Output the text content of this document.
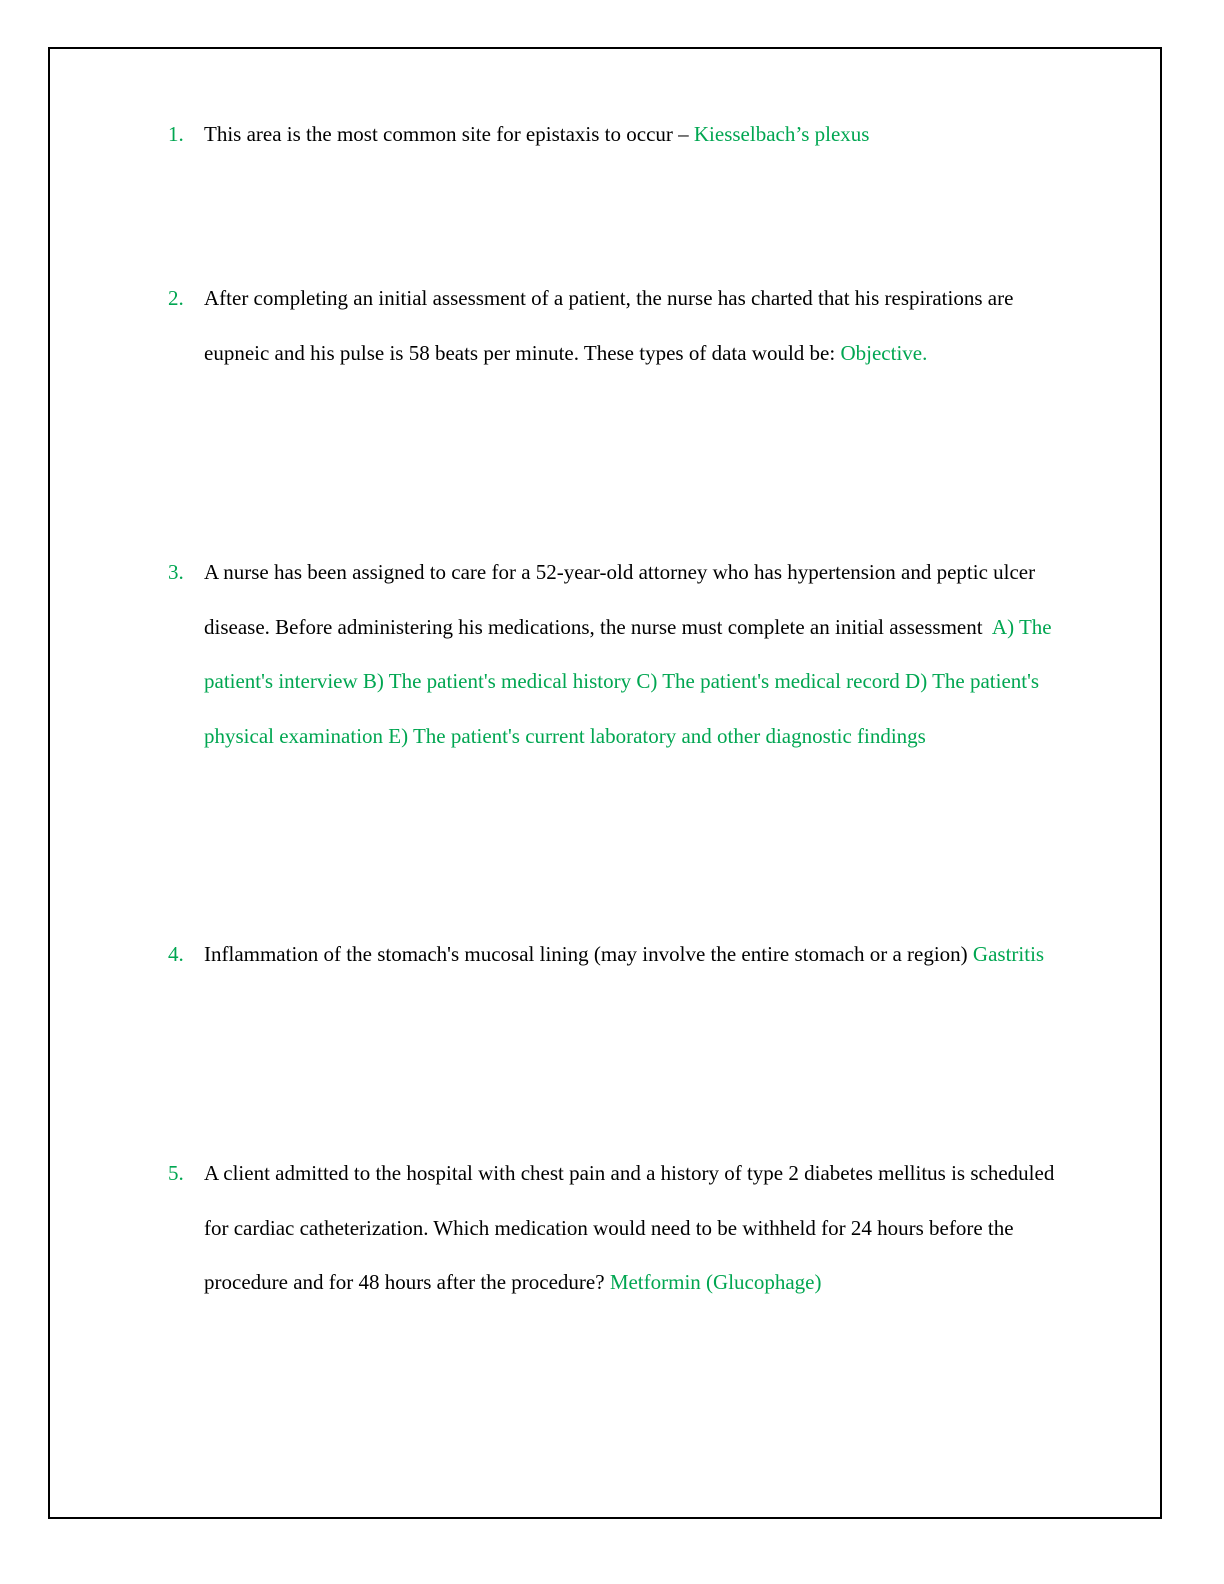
1. This area is the most common site for epistaxis to occur – Kiesselbach’s plexus

2. After completing an initial assessment of a patient, the nurse has charted that his respirations are eupneic and his pulse is 58 beats per minute. These types of data would be: Objective.

3. A nurse has been assigned to care for a 52-year-old attorney who has hypertension and peptic ulcer disease. Before administering his medications, the nurse must complete an initial assessment  A) The patient's interview B) The patient's medical history C) The patient's medical record D) The patient's physical examination E) The patient's current laboratory and other diagnostic findings

4. Inflammation of the stomach's mucosal lining (may involve the entire stomach or a region) Gastritis

5. A client admitted to the hospital with chest pain and a history of type 2 diabetes mellitus is scheduled for cardiac catheterization. Which medication would need to be withheld for 24 hours before the procedure and for 48 hours after the procedure? Metformin (Glucophage)
